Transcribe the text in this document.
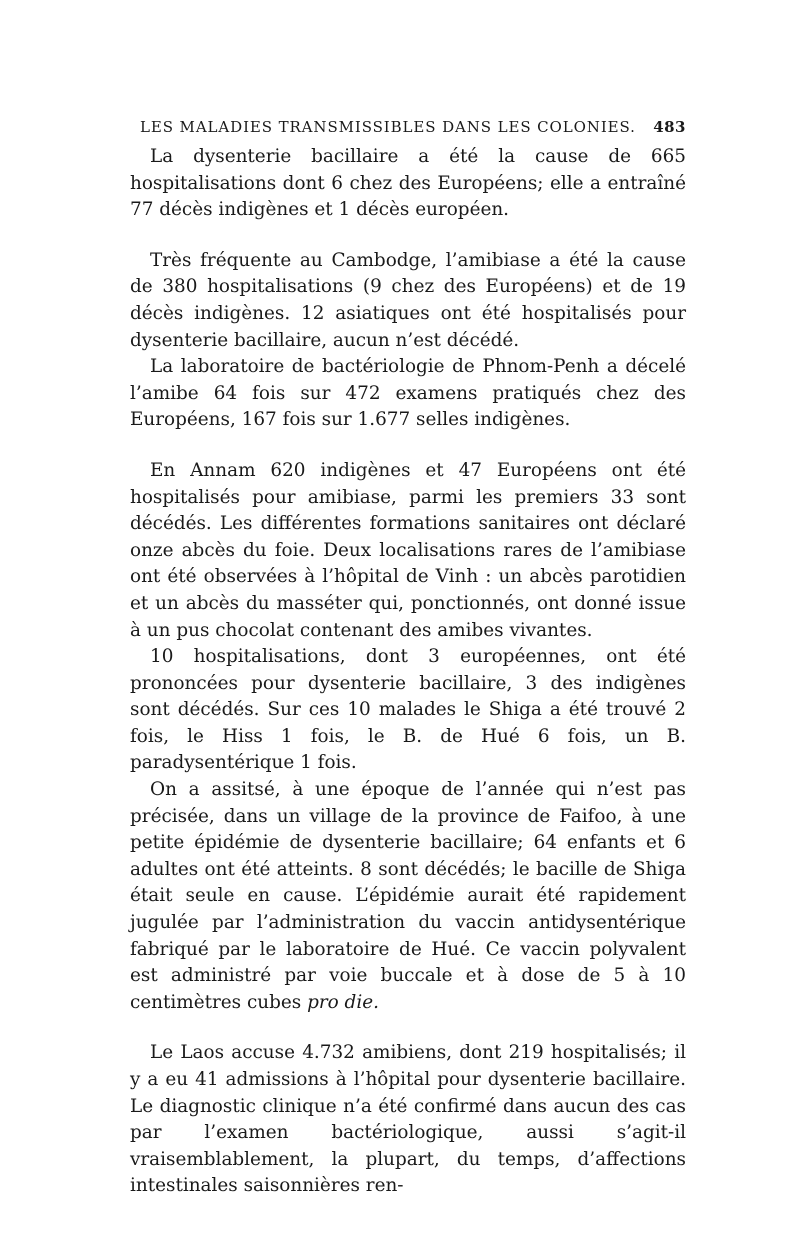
LES MALADIES TRANSMISSIBLES DANS LES COLONIES. 483

La dysenterie bacillaire a été la cause de 665 hospitalisations dont 6 chez des Européens; elle a entraîné 77 décès indigènes et 1 décès européen.

Très fréquente au Cambodge, l’amibiase a été la cause de 380 hospitalisations (9 chez des Européens) et de 19 décès indigènes. 12 asiatiques ont été hospitalisés pour dysenterie bacillaire, aucun n’est décédé.

La laboratoire de bactériologie de Phnom-Penh a décelé l’amibe 64 fois sur 472 examens pratiqués chez des Européens, 167 fois sur 1.677 selles indigènes.

En Annam 620 indigènes et 47 Européens ont été hospitalisés pour amibiase, parmi les premiers 33 sont décédés. Les différentes formations sanitaires ont déclaré onze abcès du foie. Deux localisations rares de l’amibiase ont été observées à l’hôpital de Vinh : un abcès parotidien et un abcès du masséter qui, ponctionnés, ont donné issue à un pus chocolat contenant des amibes vivantes.

10 hospitalisations, dont 3 européennes, ont été prononcées pour dysenterie bacillaire, 3 des indigènes sont décédés. Sur ces 10 malades le Shiga a été trouvé 2 fois, le Hiss 1 fois, le B. de Hué 6 fois, un B. paradysentérique 1 fois.

On a assitsé, à une époque de l’année qui n’est pas précisée, dans un village de la province de Faifoo, à une petite épidémie de dysenterie bacillaire; 64 enfants et 6 adultes ont été atteints. 8 sont décédés; le bacille de Shiga était seule en cause. L’épidémie aurait été rapidement jugulée par l’administration du vaccin antidysentérique fabriqué par le laboratoire de Hué. Ce vaccin polyvalent est administré par voie buccale et à dose de 5 à 10 centimètres cubes pro die.

Le Laos accuse 4.732 amibiens, dont 219 hospitalisés; il y a eu 41 admissions à l’hôpital pour dysenterie bacillaire. Le diagnostic clinique n’a été confirmé dans aucun des cas par l’examen bactériologique, aussi s’agit-il vraisemblablement, la plupart, du temps, d’affections intestinales saisonnières ren-
